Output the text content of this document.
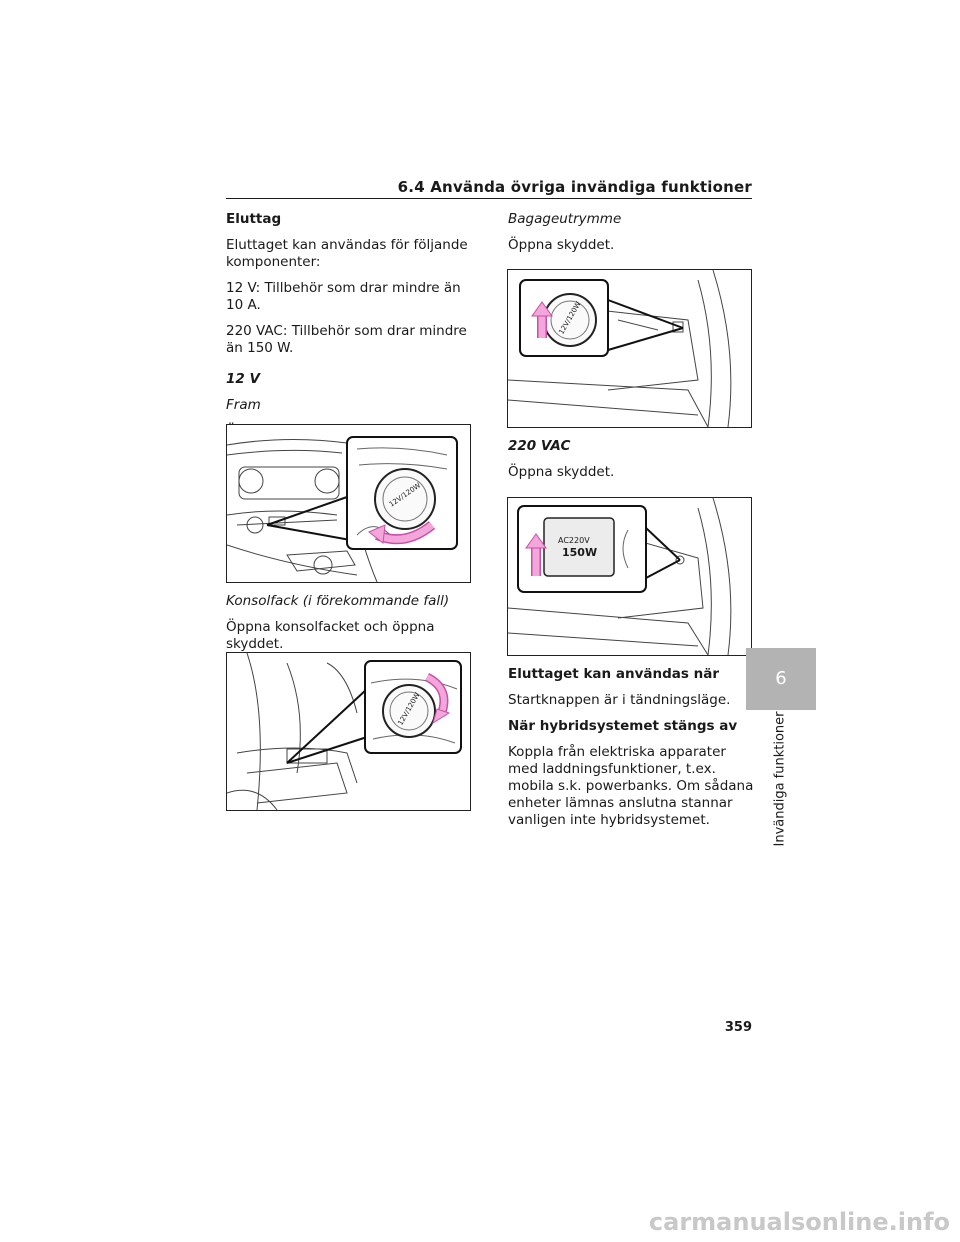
6.4 Använda övriga invändiga funktioner

Eluttag

Eluttaget kan användas för följande komponenter:

12 V: Tillbehör som drar mindre än 10 A.

220 VAC: Tillbehör som drar mindre än 150 W.

12 V

Fram

12V/120W

Konsolfack (i förekommande fall)

Öppna konsolfacket och öppna skyddet.

12V/120W

Bagageutrymme

Öppna skyddet.

12V/120W

220 VAC

Öppna skyddet.

AC220V
150W

Eluttaget kan användas när

Startknappen är i tändningsläge.

När hybridsystemet stängs av

Koppla från elektriska apparater med laddningsfunktioner, t.ex. mobila s.k. powerbanks. Om sådana enheter lämnas anslutna stannar vanligen inte hybridsystemet.

6
Invändiga funktioner
359
carmanualsonline.info
